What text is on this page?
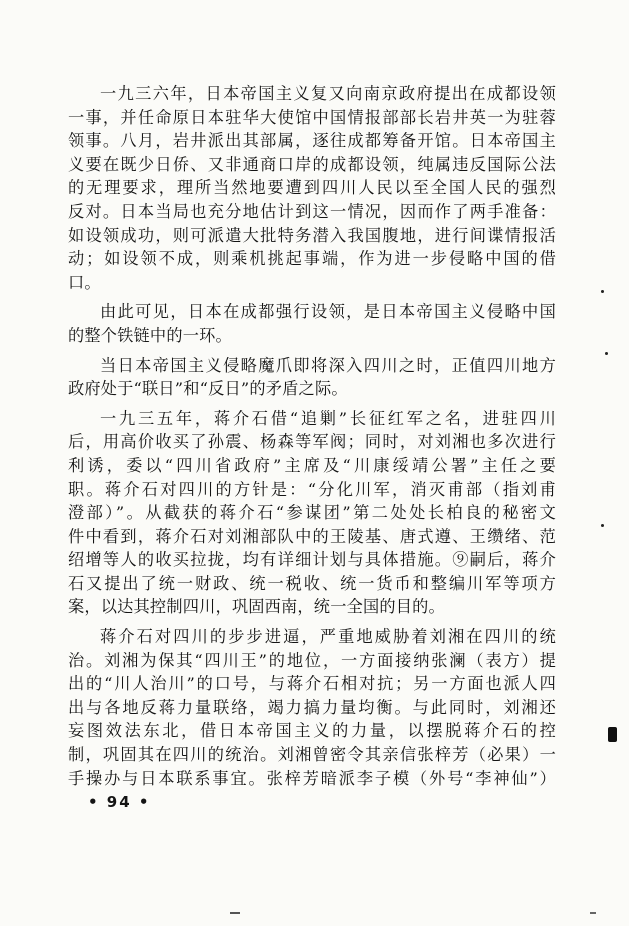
一九三六年，日本帝国主义复又向南京政府提出在成都设领
一事，并任命原日本驻华大使馆中国情报部部长岩井英一为驻蓉
领事。八月，岩井派出其部属，逐往成都筹备开馆。日本帝国主
义要在既少日侨、又非通商口岸的成都设领，纯属违反国际公法
的无理要求，理所当然地要遭到四川人民以至全国人民的强烈
反对。日本当局也充分地估计到这一情况，因而作了两手准备：
如设领成功，则可派遣大批特务潜入我国腹地，进行间谍情报活
动；如设领不成，则乘机挑起事端，作为进一步侵略中国的借
口。
由此可见，日本在成都强行设领，是日本帝国主义侵略中国
的整个铁链中的一环。
当日本帝国主义侵略魔爪即将深入四川之时，正值四川地方
政府处于“联日”和“反日”的矛盾之际。
一九三五年，蒋介石借“追剿”长征红军之名，进驻四川
后，用高价收买了孙震、杨森等军阀；同时，对刘湘也多次进行
利诱，委以“四川省政府”主席及“川康绥靖公署”主任之要
职。蒋介石对四川的方针是：“分化川军，消灭甫部（指刘甫
澄部）”。从截获的蒋介石“参谋团”第二处处长柏良的秘密文
件中看到，蒋介石对刘湘部队中的王陵基、唐式遵、王缵绪、范
绍增等人的收买拉拢，均有详细计划与具体措施。⑨嗣后，蒋介
石又提出了统一财政、统一税收、统一货币和整编川军等项方
案，以达其控制四川，巩固西南，统一全国的目的。
蒋介石对四川的步步进逼，严重地威胁着刘湘在四川的统
治。刘湘为保其“四川王”的地位，一方面接纳张澜（表方）提
出的“川人治川”的口号，与蒋介石相对抗；另一方面也派人四
出与各地反蒋力量联络，竭力搞力量均衡。与此同时，刘湘还
妄图效法东北，借日本帝国主义的力量，以摆脱蒋介石的控
制，巩固其在四川的统治。刘湘曾密令其亲信张梓芳（必果）一
手操办与日本联系事宜。张梓芳暗派李子模（外号“李神仙”）
• 94 •
